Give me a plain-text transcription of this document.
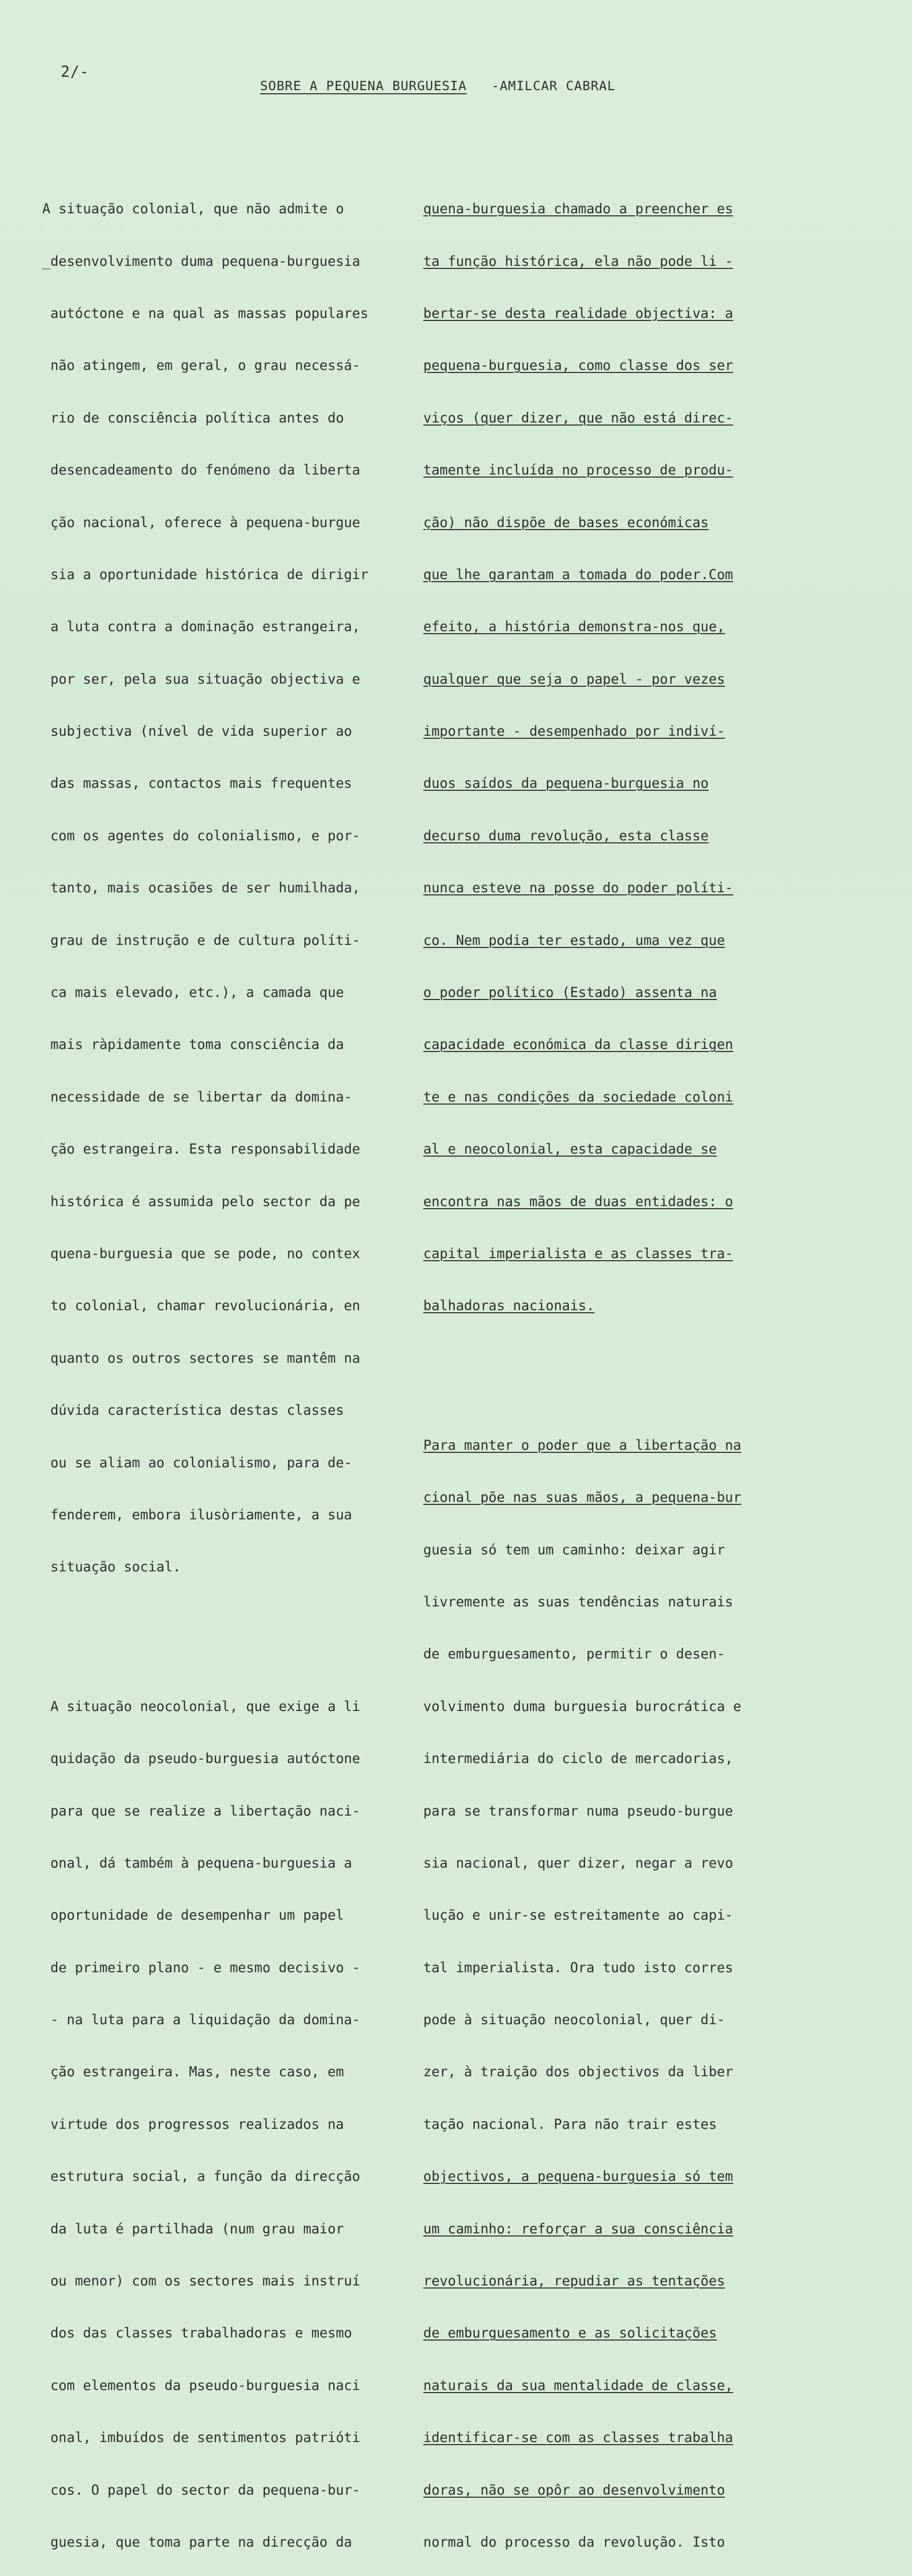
2/-
SOBRE A PEQUENA BURGUESIA -AMILCAR CABRAL

A situação colonial, que não admite o

_desenvolvimento duma pequena-burguesia

autóctone e na qual as massas populares

não atingem, em geral, o grau necessá-

rio de consciência política antes do

desencadeamento do fenómeno da liberta

ção nacional, oferece à pequena-burgue

sia a oportunidade histórica de dirigir

a luta contra a dominação estrangeira,

por ser, pela sua situação objectiva e

subjectiva (nível de vida superior ao

das massas, contactos mais frequentes

com os agentes do colonialismo, e por-

tanto, mais ocasiões de ser humilhada,

grau de instrução e de cultura políti-

ca mais elevado, etc.), a camada que

mais ràpidamente toma consciência da

necessidade de se libertar da domina-

ção estrangeira. Esta responsabilidade

histórica é assumida pelo sector da pe

quena-burguesia que se pode, no contex

to colonial, chamar revolucionária, en

quanto os outros sectores se mantêm na

dúvida característica destas classes

ou se aliam ao colonialismo, para de-

fenderem, embora ilusòriamente, a sua

situação social.

A situação neocolonial, que exige a li

quidação da pseudo-burguesia autóctone

para que se realize a libertação naci-

onal, dá também à pequena-burguesia a

oportunidade de desempenhar um papel

de primeiro plano - e mesmo decisivo -

- na luta para a liquidação da domina-

ção estrangeira. Mas, neste caso, em

virtude dos progressos realizados na

estrutura social, a função da direcção

da luta é partilhada (num grau maior

ou menor) com os sectores mais instruí

dos das classes trabalhadoras e mesmo

com elementos da pseudo-burguesia naci

onal, imbuídos de sentimentos patrióti

cos. O papel do sector da pequena-bur-

guesia, que toma parte na direcção da

quena-burguesia chamado a preencher es

ta função histórica, ela não pode li -

bertar-se desta realidade objectiva: a

pequena-burguesia, como classe dos ser

viços (quer dizer, que não está direc-

tamente incluída no processo de produ-

ção) não dispõe de bases económicas

que lhe garantam a tomada do poder.Com

efeito, a história demonstra-nos que,

qualquer que seja o papel - por vezes

importante - desempenhado por indiví-

duos saídos da pequena-burguesia no

decurso duma revolução, esta classe

nunca esteve na posse do poder políti-

co. Nem podia ter estado, uma vez que

o poder político (Estado) assenta na

capacidade económica da classe dirigen

te e nas condições da sociedade coloni

al e neocolonial, esta capacidade se

encontra nas mãos de duas entidades: o

capital imperialista e as classes tra-

balhadoras nacionais.

Para manter o poder que a libertação na

cional põe nas suas mãos, a pequena-bur

guesia só tem um caminho: deixar agir

livremente as suas tendências naturais

de emburguesamento, permitir o desen-

volvimento duma burguesia burocrática e

intermediária do ciclo de mercadorias,

para se transformar numa pseudo-burgue

sia nacional, quer dizer, negar a revo

lução e unir-se estreitamente ao capi-

tal imperialista. Ora tudo isto corres

pode à situação neocolonial, quer di-

zer, à traição dos objectivos da liber

tação nacional. Para não trair estes

objectivos, a pequena-burguesia só tem

um caminho: reforçar a sua consciência

revolucionária, repudiar as tentações

de emburguesamento e as solicitações

naturais da sua mentalidade de classe,

identificar-se com as classes trabalha

doras, não se opôr ao desenvolvimento

normal do processo da revolução. Isto
